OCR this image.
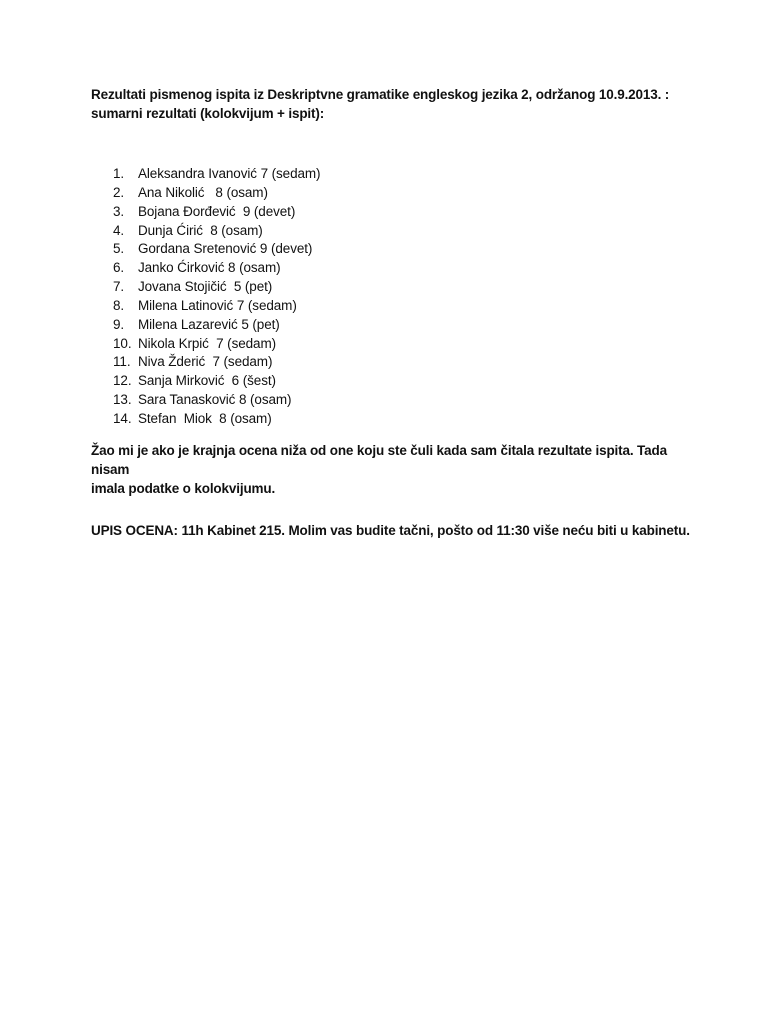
Rezultati pismenog ispita iz Deskriptvne gramatike engleskog jezika 2, održanog 10.9.2013. :
sumarni rezultati (kolokvijum + ispit):
1.	Aleksandra Ivanović 7 (sedam)
2.	Ana Nikolić   8 (osam)
3.	Bojana Đorđević  9 (devet)
4.	Dunja Ćirić  8 (osam)
5.	Gordana Sretenović 9 (devet)
6.	Janko Ćirković 8 (osam)
7.	Jovana Stojičić  5 (pet)
8.	Milena Latinović 7 (sedam)
9.	Milena Lazarević 5 (pet)
10. Nikola Krpić  7 (sedam)
11. Niva Žderić  7 (sedam)
12. Sanja Mirković  6 (šest)
13. Sara Tanasković 8 (osam)
14. Stefan  Miok  8 (osam)
Žao mi je ako je krajnja ocena niža od one koju ste čuli kada sam čitala rezultate ispita. Tada nisam
imala podatke o kolokvijumu.
UPIS OCENA: 11h Kabinet 215. Molim vas budite tačni, pošto od 11:30 više neću biti u kabinetu.
